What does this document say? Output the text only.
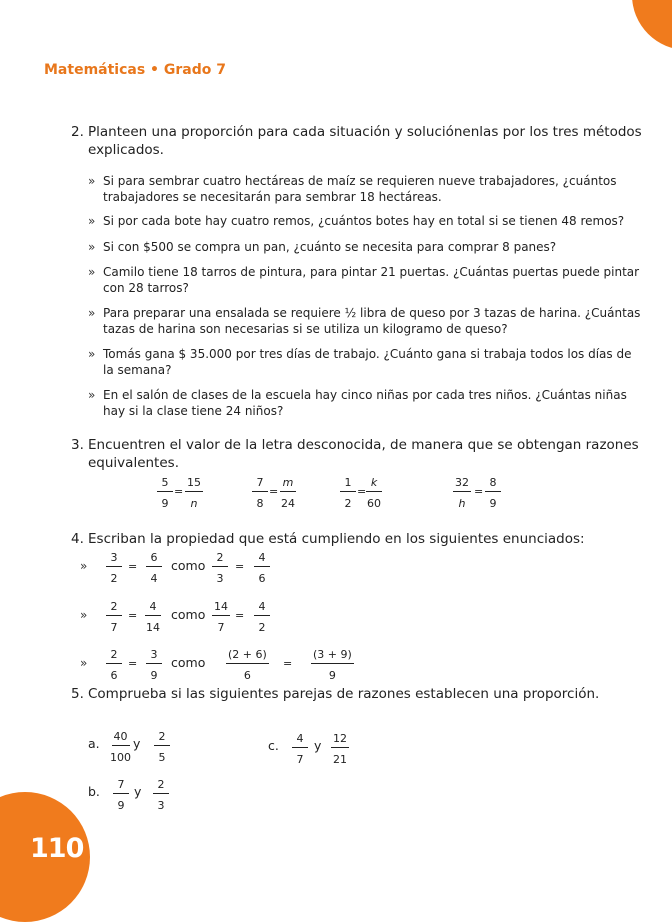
110
Matemáticas • Grado 7
2. Planteen una proporción para cada situación y soluciónenlas por los tres métodos
explicados.
» Si para sembrar cuatro hectáreas de maíz se requieren nueve trabajadores, ¿cuántos
trabajadores se necesitarán para sembrar 18 hectáreas.
» Si por cada bote hay cuatro remos, ¿cuántos botes hay en total si se tienen 48 remos?
» Si con $500 se compra un pan, ¿cuánto se necesita para comprar 8 panes?
» Camilo tiene 18 tarros de pintura, para pintar 21 puertas. ¿Cuántas puertas puede pintar
con 28 tarros?
» Para preparar una ensalada se requiere ½ libra de queso por 3 tazas de harina. ¿Cuántas
tazas de harina son necesarias si se utiliza un kilogramo de queso?
» Tomás gana $ 35.000 por tres días de trabajo. ¿Cuánto gana si trabaja todos los días de
la semana?
» En el salón de clases de la escuela hay cinco niñas por cada tres niños. ¿Cuántas niñas
hay si la clase tiene 24 niños?
3. Encuentren el valor de la letra desconocida, de manera que se obtengan razones
equivalentes.
$\frac{5}{9} = \frac{15}{n}$	$\frac{7}{8} = \frac{m}{24}$	$\frac{1}{2} = \frac{k}{60}$	$\frac{32}{h} = \frac{8}{9}$
4. Escriban la propiedad que está cumpliendo en los siguientes enunciados:
» $\frac{3}{2} = \frac{6}{4}$ como $\frac{2}{3} = \frac{4}{6}$
» $\frac{2}{7} = \frac{4}{14}$ como $\frac{14}{7} = \frac{4}{2}$
» $\frac{2}{6} = \frac{3}{9}$ como $\frac{(2 + 6)}{6} = \frac{(3 + 9)}{9}$
5. Comprueba si las siguientes parejas de razones establecen una proporción.
a. $\frac{40}{100}$ y $\frac{2}{5}$	c. $\frac{4}{7}$ y $\frac{12}{21}$
b. $\frac{7}{9}$ y $\frac{2}{3}$
